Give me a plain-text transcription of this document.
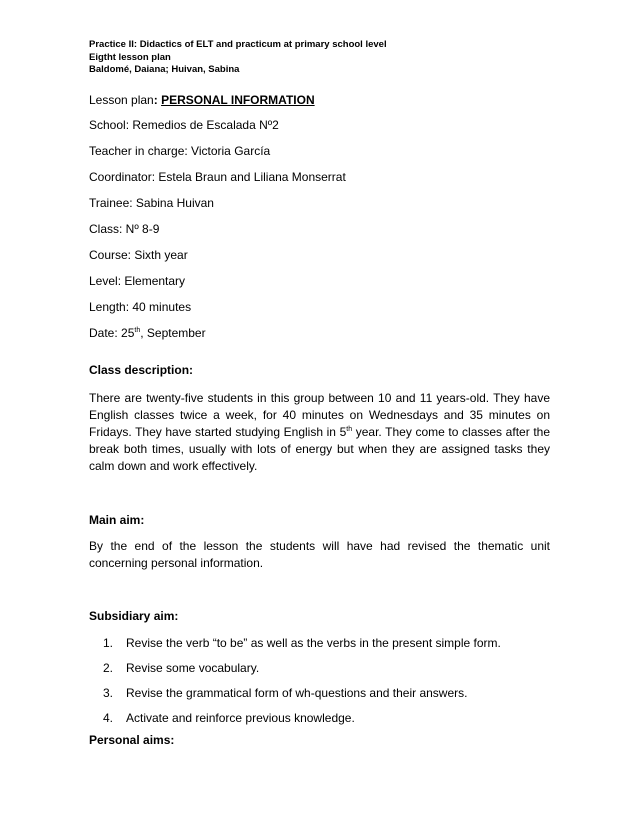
Practice II: Didactics of ELT and practicum at primary school level
Eigtht lesson plan
Baldomé, Daiana; Huivan, Sabina
Lesson plan: PERSONAL INFORMATION
School: Remedios de Escalada Nº2
Teacher in charge: Victoria García
Coordinator: Estela Braun and Liliana Monserrat
Trainee: Sabina Huivan
Class: Nº 8-9
Course: Sixth year
Level: Elementary
Length: 40 minutes
Date: 25th, September
Class description:
There are twenty-five students in this group between 10 and 11 years-old. They have English classes twice a week, for 40 minutes on Wednesdays and 35 minutes on Fridays. They have started studying English in 5th year. They come to classes after the break both times, usually with lots of energy but when they are assigned tasks they calm down and work effectively.
Main aim:
By the end of the lesson the students will have had revised the thematic unit concerning personal information.
Subsidiary aim:
1. Revise the verb “to be” as well as the verbs in the present simple form.
2. Revise some vocabulary.
3. Revise the grammatical form of wh-questions and their answers.
4. Activate and reinforce previous knowledge.
Personal aims:
